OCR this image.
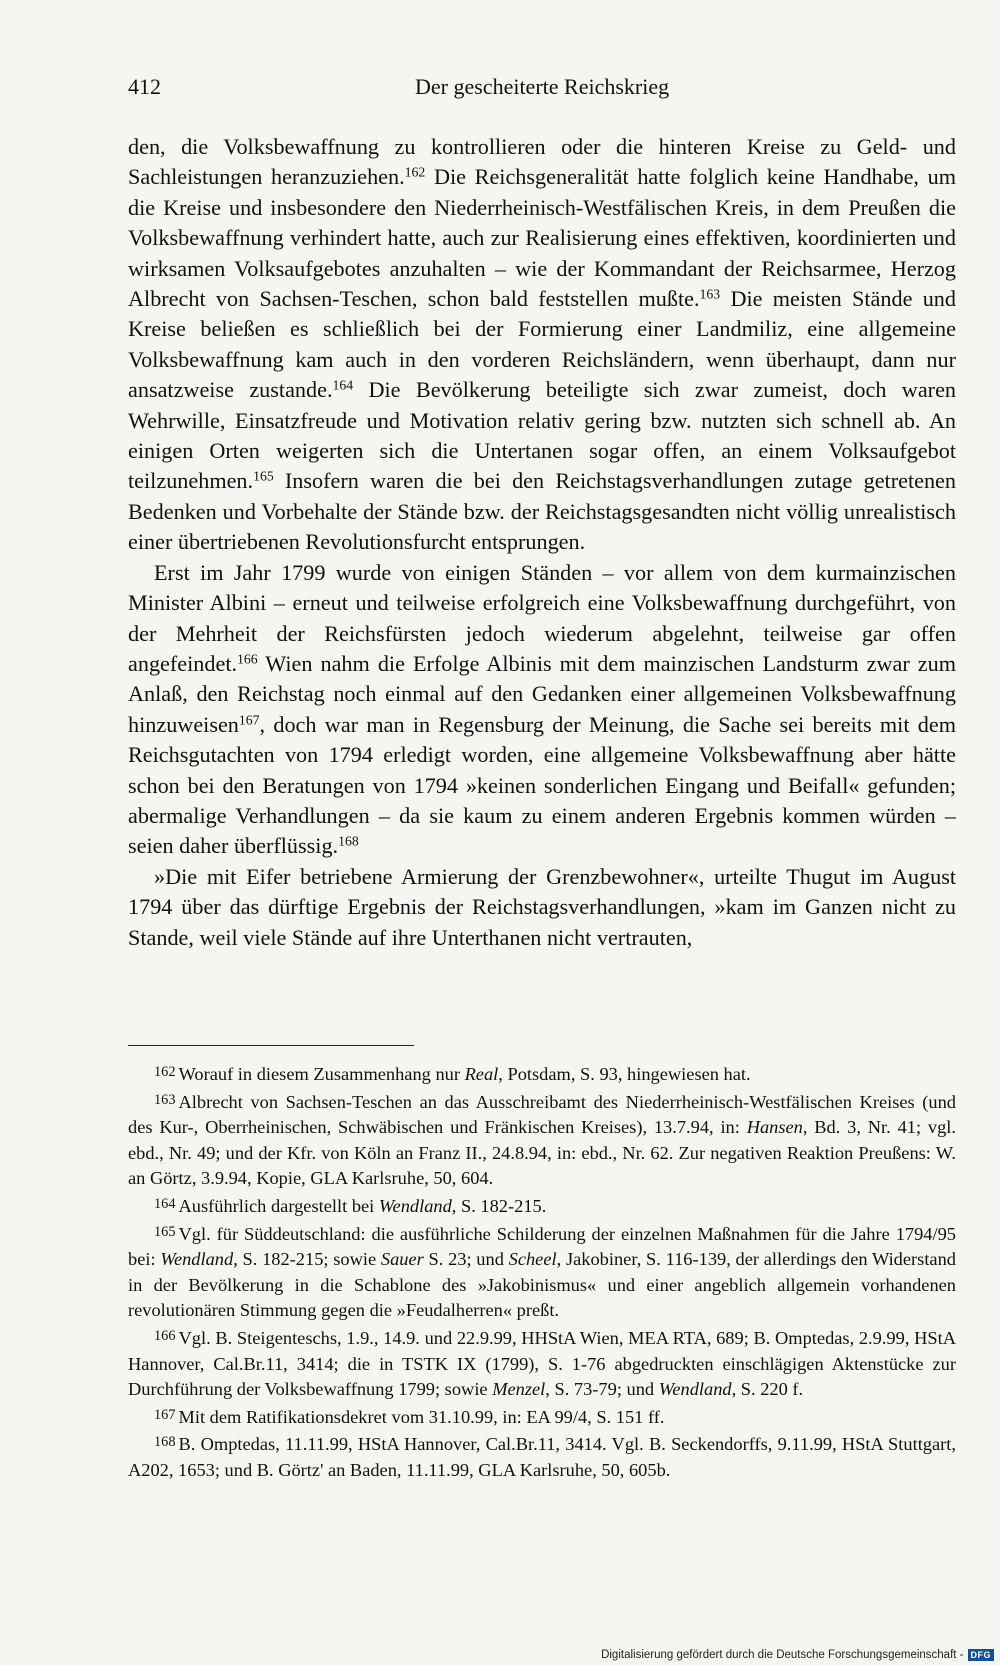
412	Der gescheiterte Reichskrieg

den, die Volksbewaffnung zu kontrollieren oder die hinteren Kreise zu Geld- und Sachleistungen heranzuziehen.$^{162}$ Die Reichsgeneralität hatte folglich keine Handhabe, um die Kreise und insbesondere den Niederrheinisch-Westfälischen Kreis, in dem Preußen die Volksbewaffnung verhindert hatte, auch zur Realisierung eines effektiven, koordinierten und wirksamen Volksaufgebotes anzuhalten – wie der Kommandant der Reichsarmee, Herzog Albrecht von Sachsen-Teschen, schon bald feststellen mußte.$^{163}$ Die meisten Stände und Kreise beließen es schließlich bei der Formierung einer Landmiliz, eine allgemeine Volksbewaffnung kam auch in den vorderen Reichsländern, wenn überhaupt, dann nur ansatzweise zustande.$^{164}$ Die Bevölkerung beteiligte sich zwar zumeist, doch waren Wehrwille, Einsatzfreude und Motivation relativ gering bzw. nutzten sich schnell ab. An einigen Orten weigerten sich die Untertanen sogar offen, an einem Volksaufgebot teilzunehmen.$^{165}$ Insofern waren die bei den Reichstagsverhandlungen zutage getretenen Bedenken und Vorbehalte der Stände bzw. der Reichstagsgesandten nicht völlig unrealistisch einer übertriebenen Revolutionsfurcht entsprungen.

Erst im Jahr 1799 wurde von einigen Ständen – vor allem von dem kurmainzischen Minister Albini – erneut und teilweise erfolgreich eine Volksbewaffnung durchgeführt, von der Mehrheit der Reichsfürsten jedoch wiederum abgelehnt, teilweise gar offen angefeindet.$^{166}$ Wien nahm die Erfolge Albinis mit dem mainzischen Landsturm zwar zum Anlaß, den Reichstag noch einmal auf den Gedanken einer allgemeinen Volksbewaffnung hinzuweisen$^{167}$, doch war man in Regensburg der Meinung, die Sache sei bereits mit dem Reichsgutachten von 1794 erledigt worden, eine allgemeine Volksbewaffnung aber hätte schon bei den Beratungen von 1794 »keinen sonderlichen Eingang und Beifall« gefunden; abermalige Verhandlungen – da sie kaum zu einem anderen Ergebnis kommen würden – seien daher überflüssig.$^{168}$

»Die mit Eifer betriebene Armierung der Grenzbewohner«, urteilte Thugut im August 1794 über das dürftige Ergebnis der Reichstagsverhandlungen, »kam im Ganzen nicht zu Stande, weil viele Stände auf ihre Unterthanen nicht vertrauten,

$^{162}$ Worauf in diesem Zusammenhang nur Real, Potsdam, S. 93, hingewiesen hat.

$^{163}$ Albrecht von Sachsen-Teschen an das Ausschreibamt des Niederrheinisch-Westfälischen Kreises (und des Kur-, Oberrheinischen, Schwäbischen und Fränkischen Kreises), 13.7.94, in: Hansen, Bd. 3, Nr. 41; vgl. ebd., Nr. 49; und der Kfr. von Köln an Franz II., 24.8.94, in: ebd., Nr. 62. Zur negativen Reaktion Preußens: W. an Görtz, 3.9.94, Kopie, GLA Karlsruhe, 50, 604.

$^{164}$ Ausführlich dargestellt bei Wendland, S. 182-215.

$^{165}$ Vgl. für Süddeutschland: die ausführliche Schilderung der einzelnen Maßnahmen für die Jahre 1794/95 bei: Wendland, S. 182-215; sowie Sauer S. 23; und Scheel, Jakobiner, S. 116-139, der allerdings den Widerstand in der Bevölkerung in die Schablone des »Jakobinismus« und einer angeblich allgemein vorhandenen revolutionären Stimmung gegen die »Feudalherren« preßt.

$^{166}$ Vgl. B. Steigenteschs, 1.9., 14.9. und 22.9.99, HHStA Wien, MEA RTA, 689; B. Omptedas, 2.9.99, HStA Hannover, Cal.Br.11, 3414; die in TSTK IX (1799), S. 1-76 abgedruckten einschlägigen Aktenstücke zur Durchführung der Volksbewaffnung 1799; sowie Menzel, S. 73-79; und Wendland, S. 220 f.

$^{167}$ Mit dem Ratifikationsdekret vom 31.10.99, in: EA 99/4, S. 151 ff.

$^{168}$ B. Omptedas, 11.11.99, HStA Hannover, Cal.Br.11, 3414. Vgl. B. Seckendorffs, 9.11.99, HStA Stuttgart, A202, 1653; und B. Görtz' an Baden, 11.11.99, GLA Karlsruhe, 50, 605b.

Digitalisierung gefördert durch die Deutsche Forschungsgemeinschaft - DFG
